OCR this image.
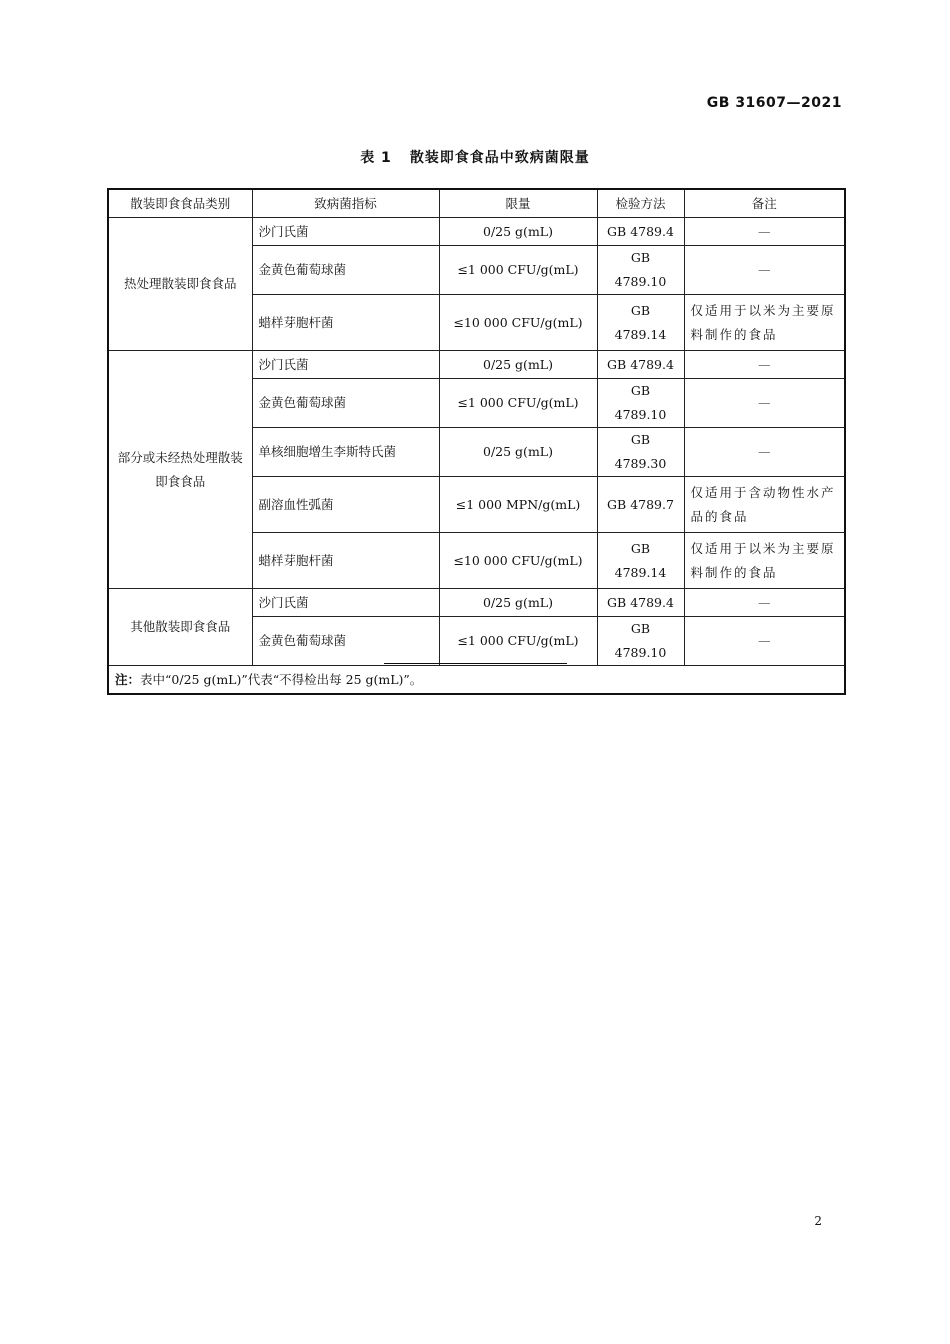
GB 31607—2021
表 1 散装即食食品中致病菌限量
散装即食食品类别	致病菌指标	限量	检验方法	备注
热处理散装即食食品	沙门氏菌	0/25 g(mL)	GB 4789.4	—
	金黄色葡萄球菌	≤1 000 CFU/g(mL)	GB 4789.10	—
	蜡样芽胞杆菌	≤10 000 CFU/g(mL)	GB 4789.14	仅适用于以米为主要原料制作的食品
部分或未经热处理散装即食食品	沙门氏菌	0/25 g(mL)	GB 4789.4	—
	金黄色葡萄球菌	≤1 000 CFU/g(mL)	GB 4789.10	—
	单核细胞增生李斯特氏菌	0/25 g(mL)	GB 4789.30	—
	副溶血性弧菌	≤1 000 MPN/g(mL)	GB 4789.7	仅适用于含动物性水产品的食品
	蜡样芽胞杆菌	≤10 000 CFU/g(mL)	GB 4789.14	仅适用于以米为主要原料制作的食品
其他散装即食食品	沙门氏菌	0/25 g(mL)	GB 4789.4	—
	金黄色葡萄球菌	≤1 000 CFU/g(mL)	GB 4789.10	—
注：表中“0/25 g(mL)”代表“不得检出每 25 g(mL)”。				
2
